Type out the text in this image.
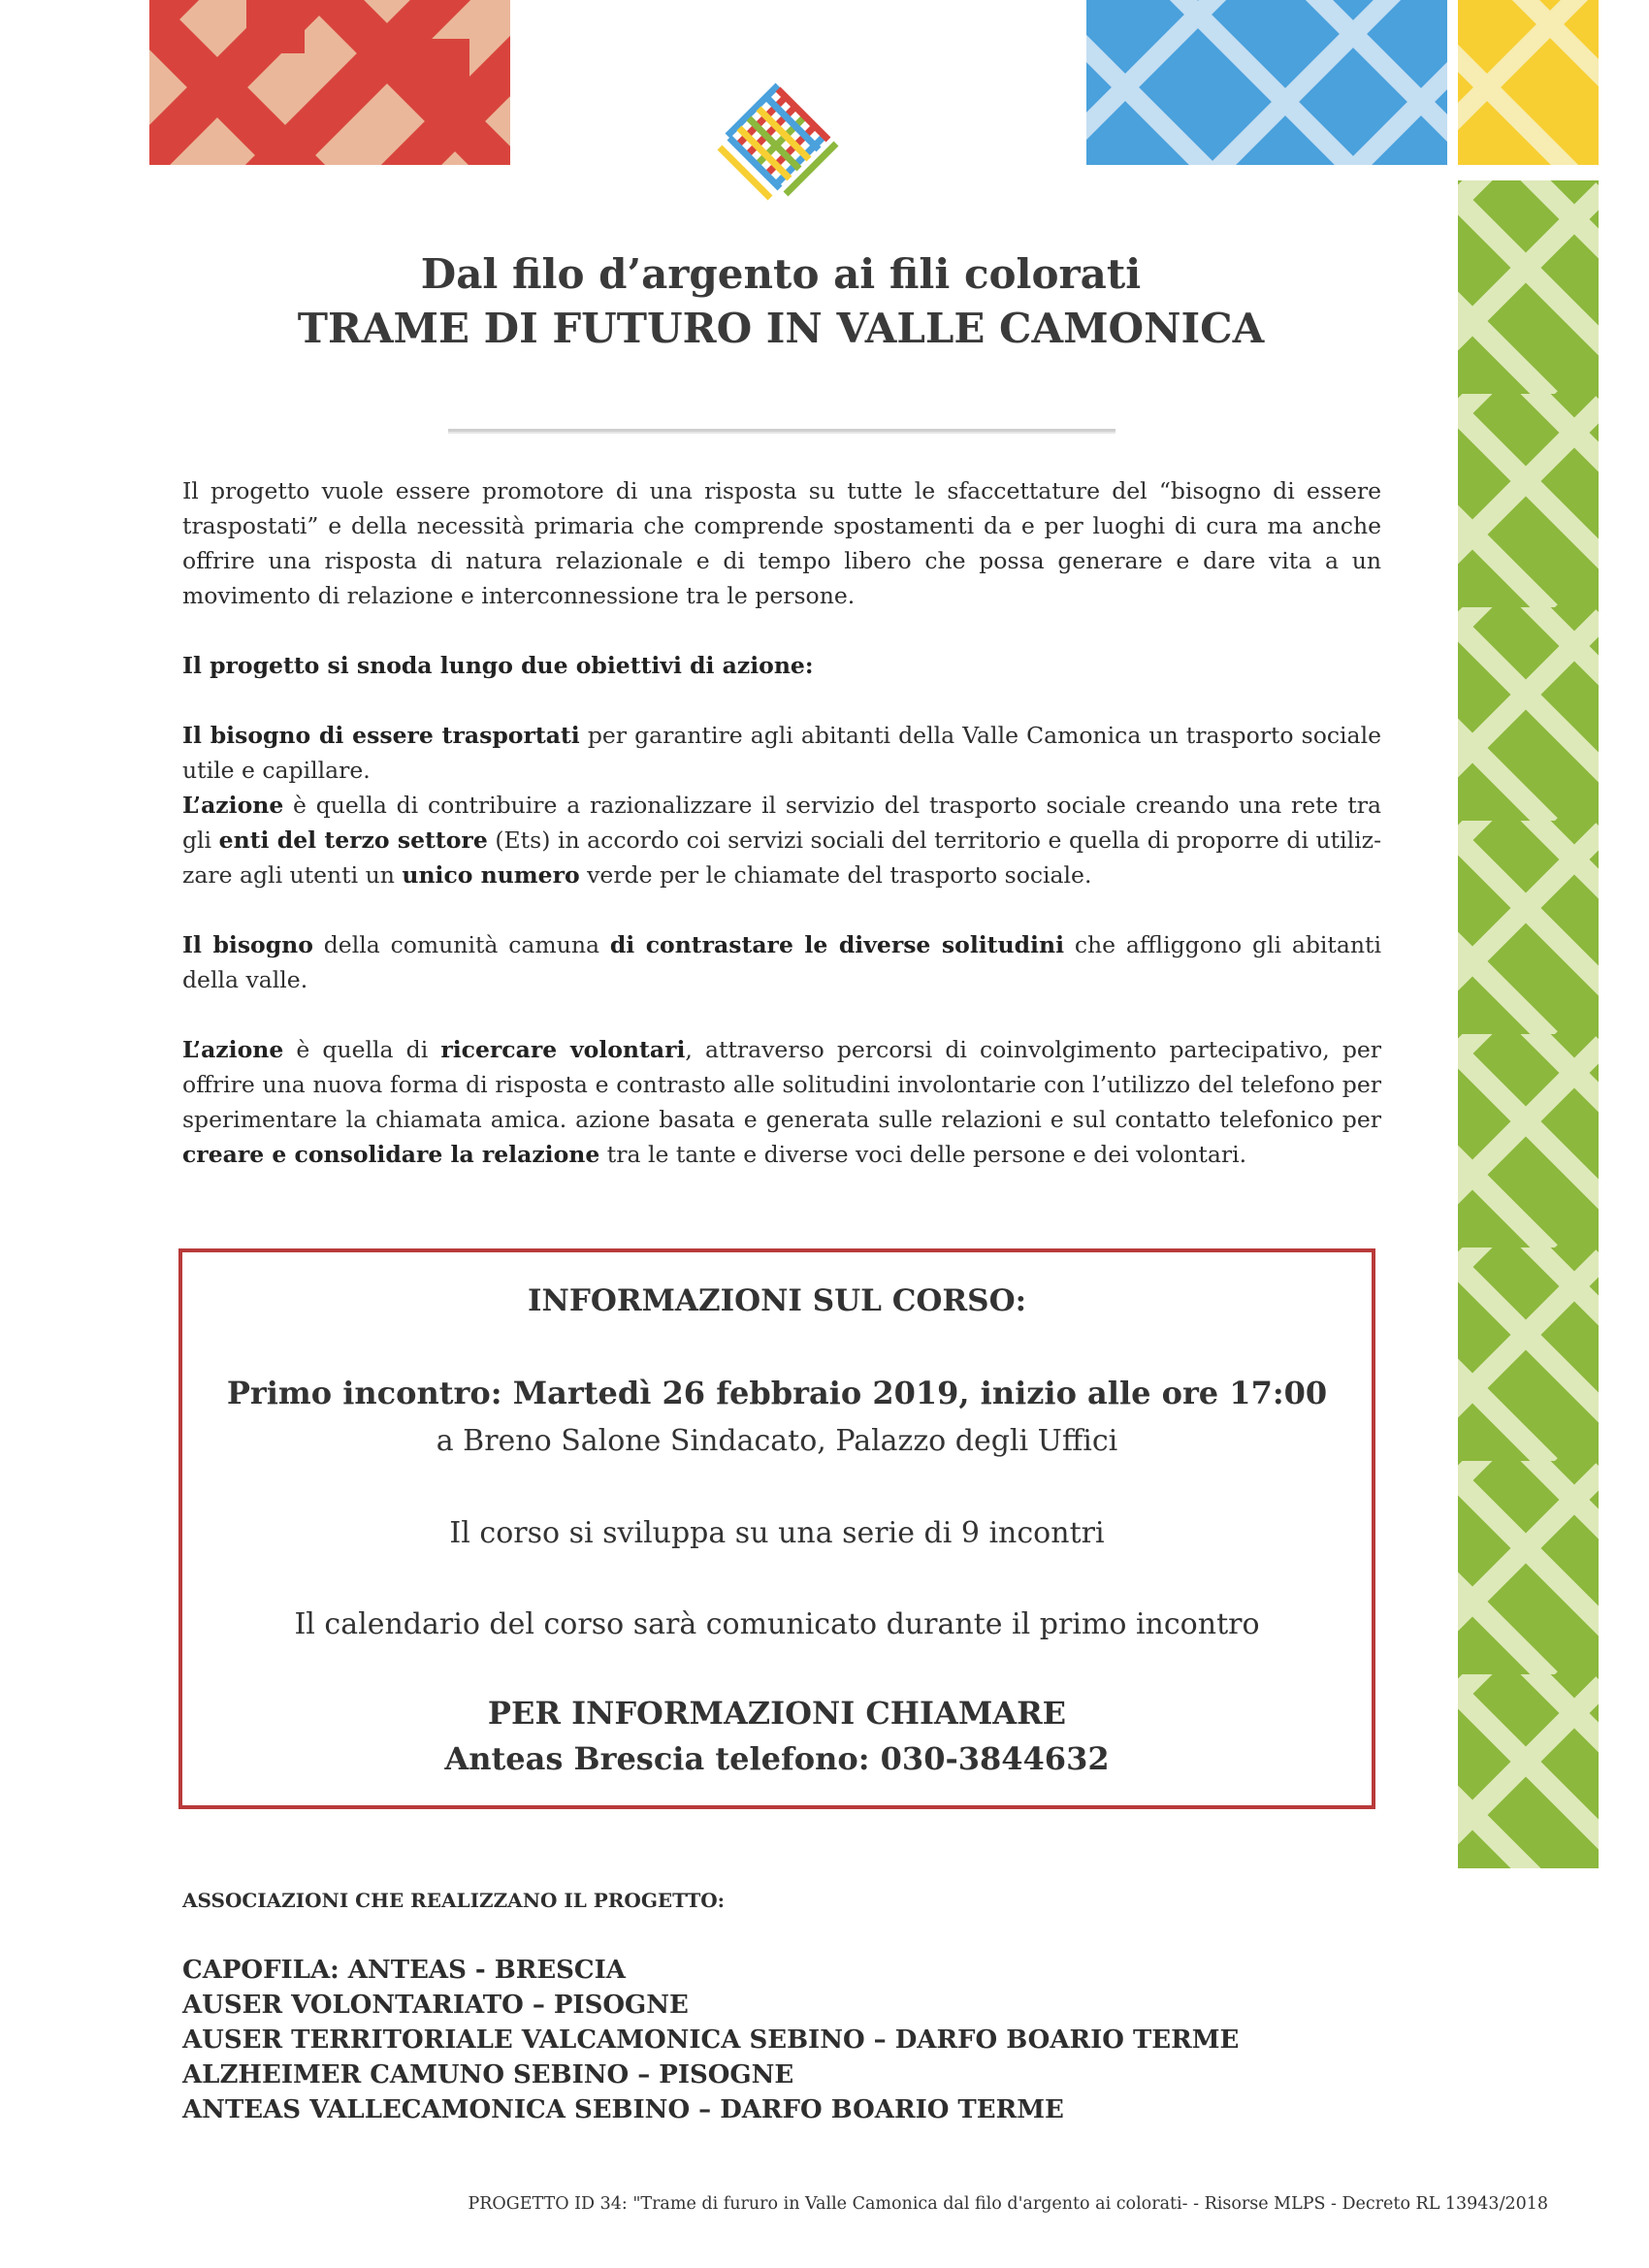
Dal filo d’argento ai fili colorati
TRAME DI FUTURO IN VALLE CAMONICA

Il progetto vuole essere promotore di una risposta su tutte le sfaccettature del “bisogno di essere traspostati” e della necessità primaria che comprende spostamenti da e per luoghi di cura ma anche offrire una risposta di natura relazionale e di tempo libero che possa generare e dare vita a un movimento di relazione e interconnessione tra le persone.

Il progetto si snoda lungo due obiettivi di azione:

Il bisogno di essere trasportati per garantire agli abitanti della Valle Camonica un trasporto sociale utile e capillare.

L’azione è quella di contribuire a razionalizzare il servizio del trasporto sociale creando una rete tra gli enti del terzo settore (Ets) in accordo coi servizi sociali del territorio e quella di proporre di utilizzare agli utenti un unico numero verde per le chiamate del trasporto sociale.

Il bisogno della comunità camuna di contrastare le diverse solitudini che affliggono gli abitanti della valle.

L’azione è quella di ricercare volontari, attraverso percorsi di coinvolgimento partecipativo, per offrire una nuova forma di risposta e contrasto alle solitudini involontarie con l’utilizzo del telefono per sperimentare la chiamata amica. azione basata e generata sulle relazioni e sul contatto telefonico per creare e consolidare la relazione tra le tante e diverse voci delle persone e dei volontari.

INFORMAZIONI SUL CORSO:
Primo incontro: Martedì 26 febbraio 2019, inizio alle ore 17:00
a Breno Salone Sindacato, Palazzo degli Uffici
Il corso si sviluppa su una serie di 9 incontri
Il calendario del corso sarà comunicato durante il primo incontro
PER INFORMAZIONI CHIAMARE
Anteas Brescia telefono: 030-3844632
ASSOCIAZIONI CHE REALIZZANO IL PROGETTO:
CAPOFILA: ANTEAS - BRESCIA
AUSER VOLONTARIATO – PISOGNE
AUSER TERRITORIALE VALCAMONICA SEBINO – DARFO BOARIO TERME
ALZHEIMER CAMUNO SEBINO – PISOGNE
ANTEAS VALLECAMONICA SEBINO – DARFO BOARIO TERME
PROGETTO ID 34: "Trame di fururo in Valle Camonica dal filo d'argento ai colorati- - Risorse MLPS - Decreto RL 13943/2018
